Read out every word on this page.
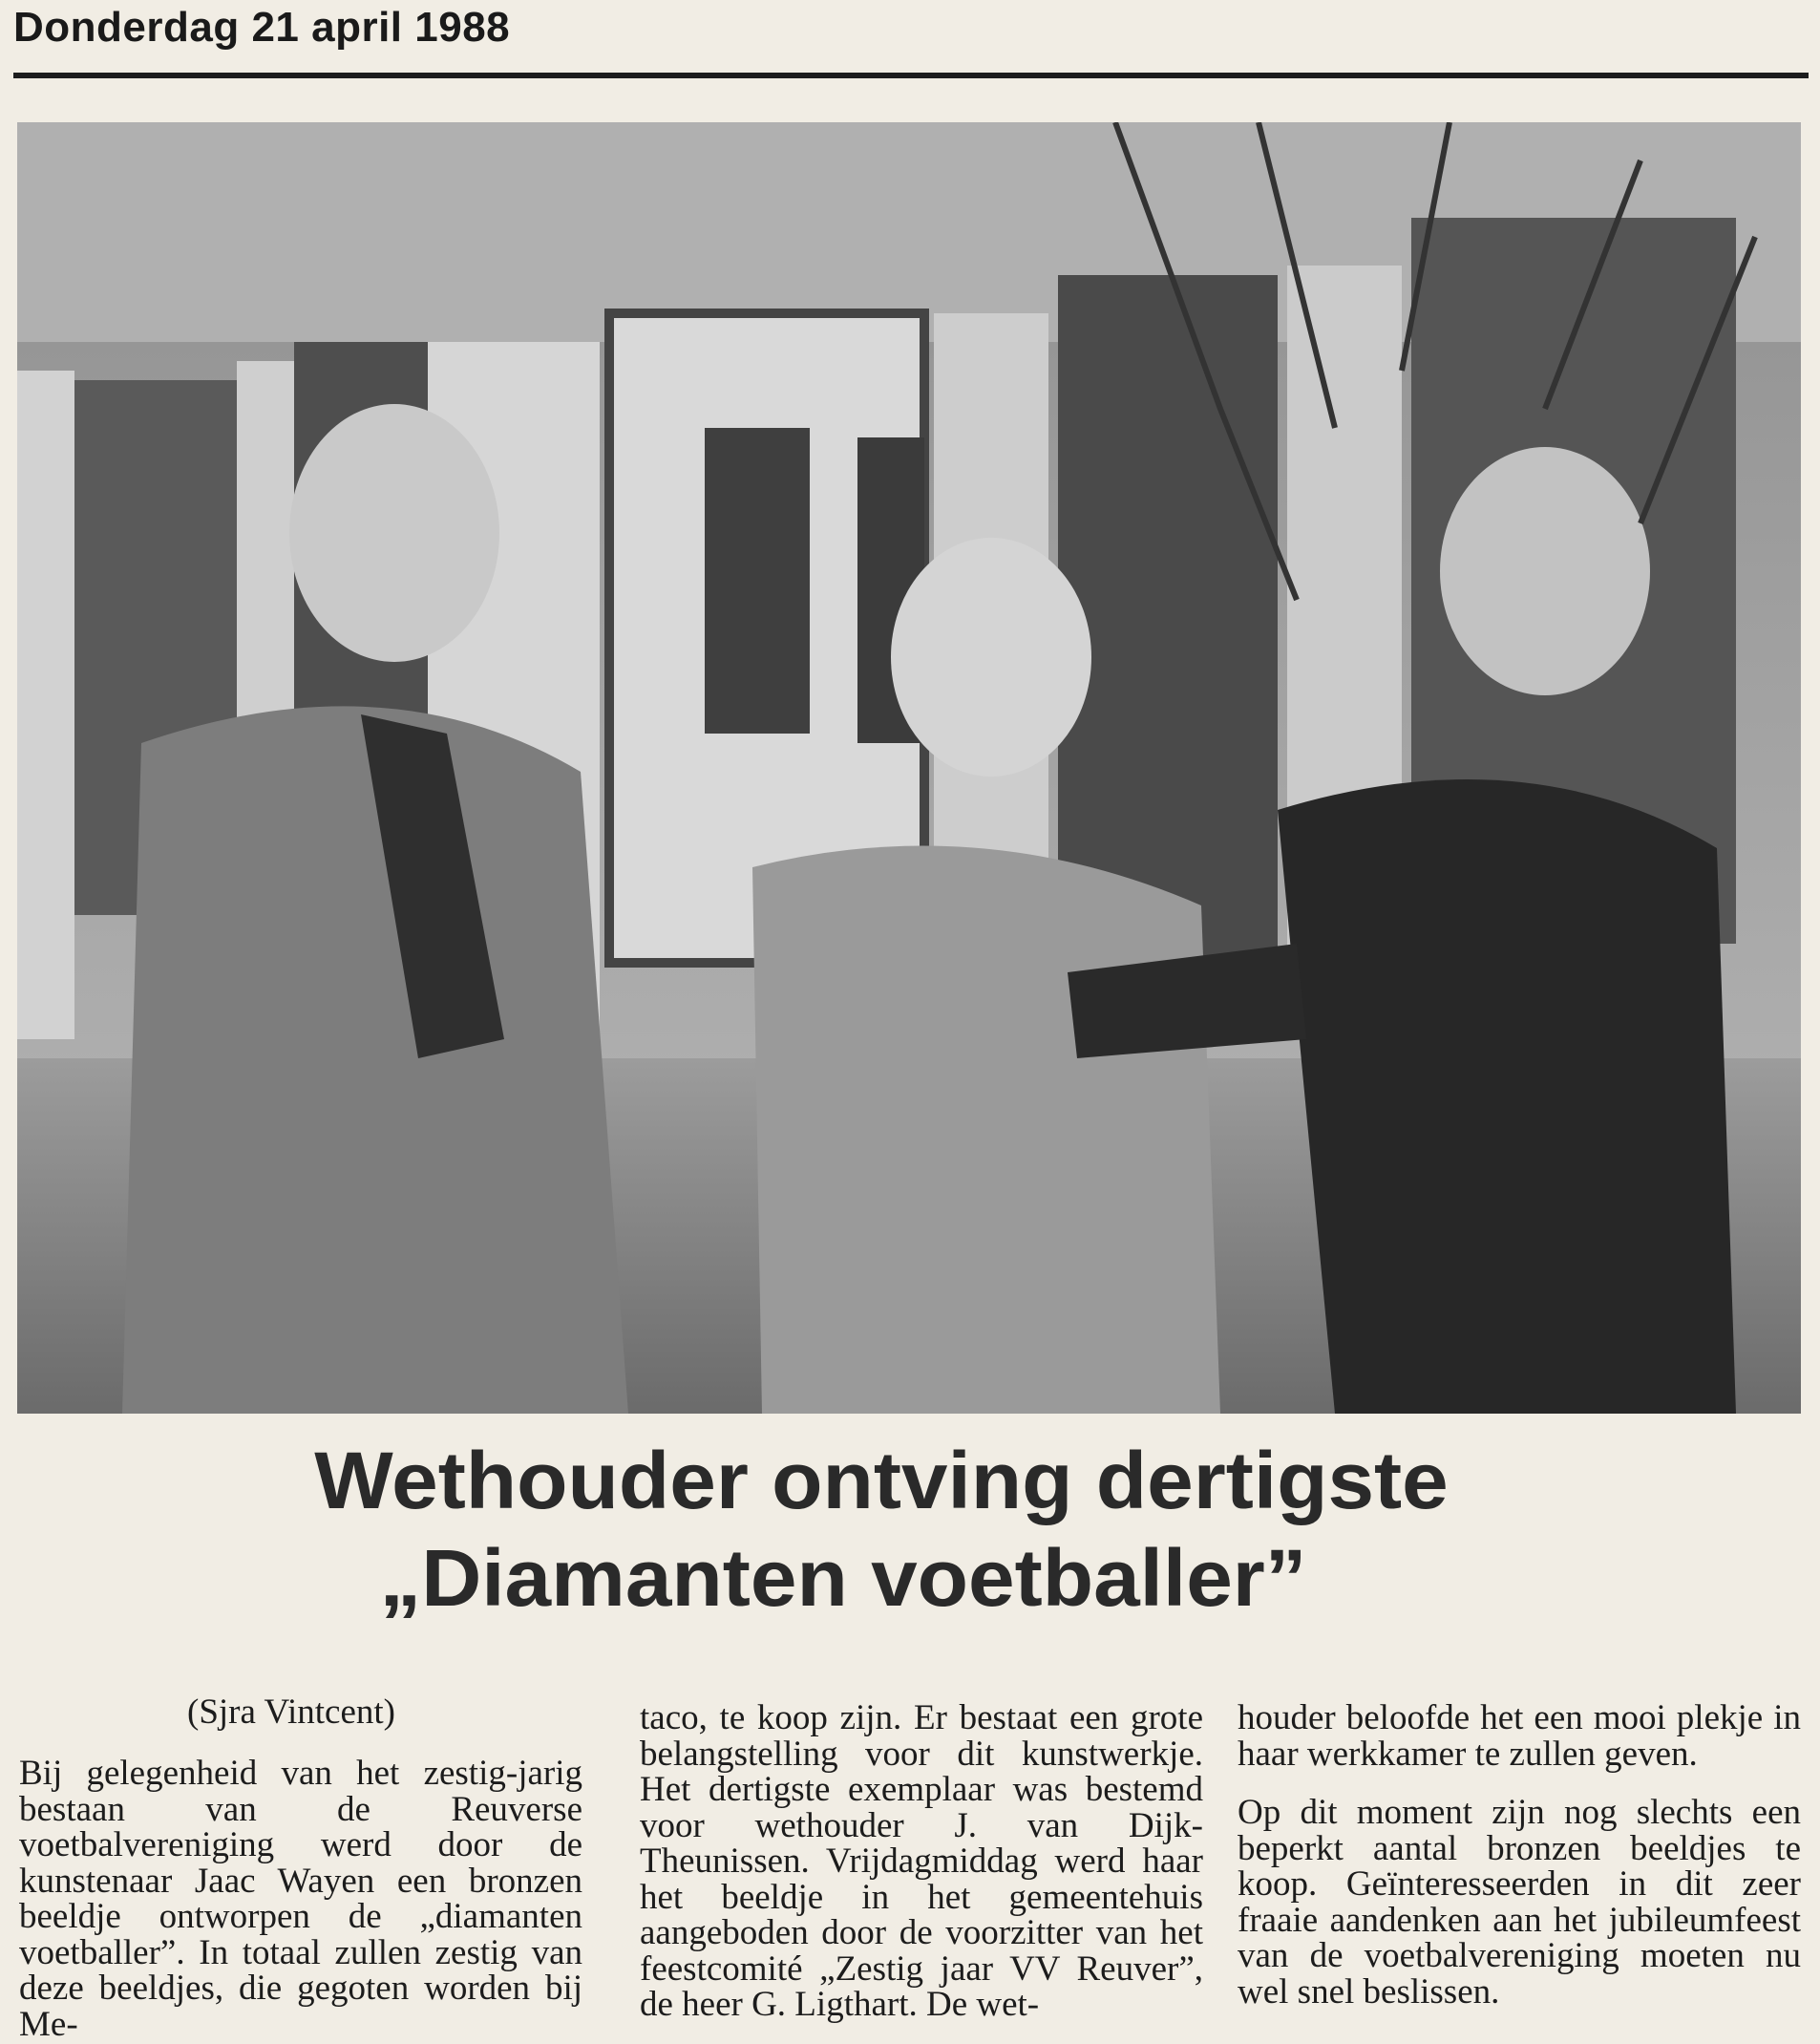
Donderdag 21 april 1988
Wethouder ontving dertigste
„Diamanten voetballer”
(Sjra Vintcent)

Bij gelegenheid van het zestig-jarig bestaan van de Reuverse voetbalvereniging werd door de kunstenaar Jaac Wayen een bronzen beeldje ontworpen de „diamanten voetballer”. In totaal zullen zestig van deze beeldjes, die gegoten worden bij Me-

taco, te koop zijn. Er bestaat een grote belangstelling voor dit kunstwerkje. Het dertigste exemplaar was bestemd voor wethouder J. van Dijk-Theunissen. Vrijdagmiddag werd haar het beeldje in het gemeentehuis aangeboden door de voorzitter van het feestcomité „Zestig jaar VV Reuver”, de heer G. Ligthart. De wet-

houder beloofde het een mooi plekje in haar werkkamer te zullen geven.

Op dit moment zijn nog slechts een beperkt aantal bronzen beeldjes te koop. Geïnteresseerden in dit zeer fraaie aandenken aan het jubileumfeest van de voetbalvereniging moeten nu wel snel beslissen.
